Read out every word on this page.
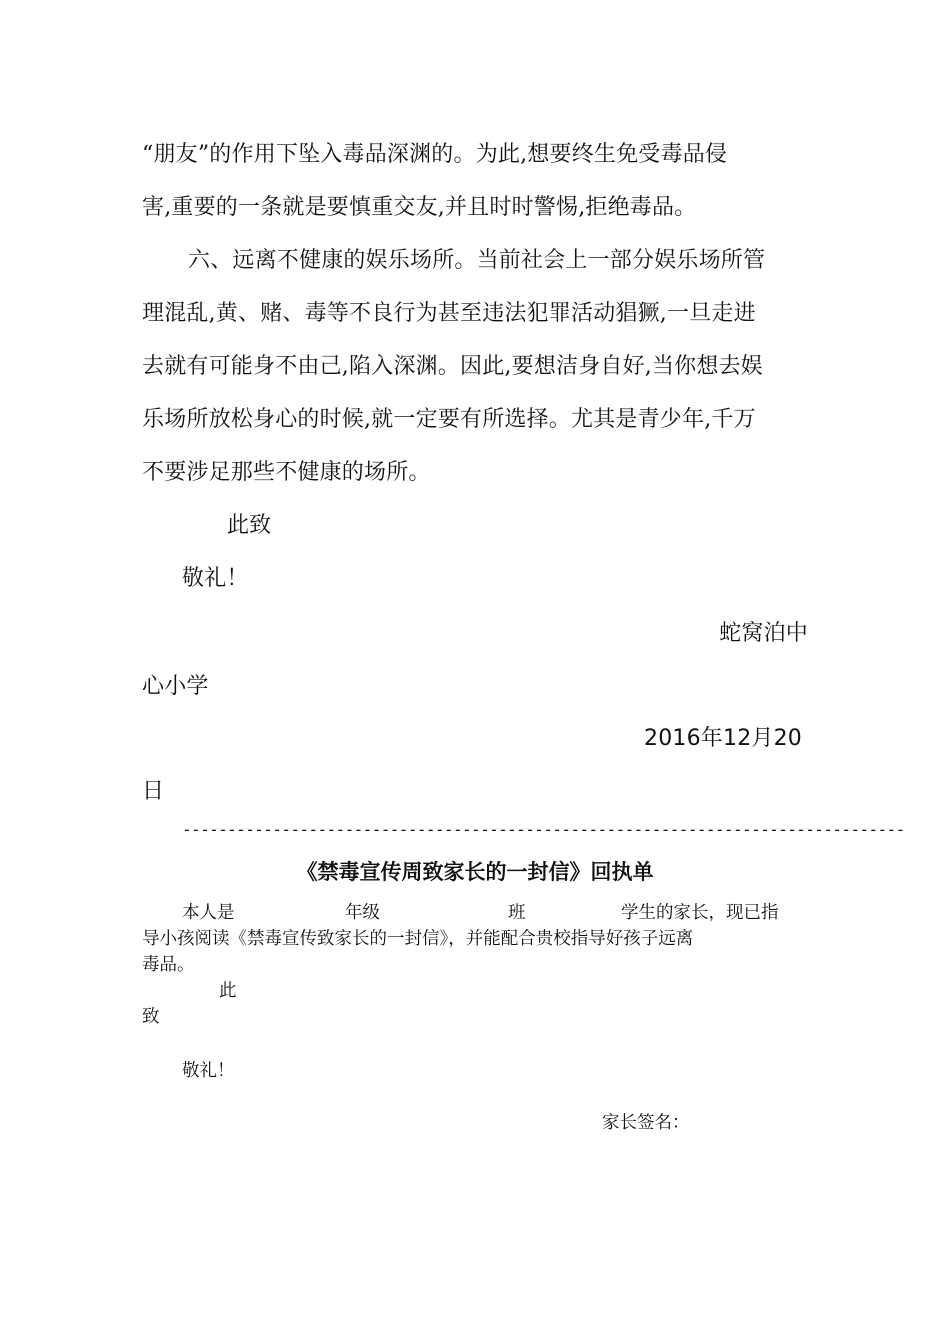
“朋友”的作用下坠入毒品深渊的。为此,想要终生免受毒品侵
害,重要的一条就是要慎重交友,并且时时警惕,拒绝毒品。
六、远离不健康的娱乐场所。当前社会上一部分娱乐场所管
理混乱,黄、赌、毒等不良行为甚至违法犯罪活动猖獗,一旦走进
去就有可能身不由己,陷入深渊。因此,要想洁身自好,当你想去娱
乐场所放松身心的时候,就一定要有所选择。尤其是青少年,千万
不要涉足那些不健康的场所。
此致
敬礼！
蛇窝泊中
心小学
2016年12月20
日
--------------------------------------------------------------------------------
《禁毒宣传周致家长的一封信》回执单
本人是	年级	班	学生的家长，现已指
导小孩阅读《禁毒宣传致家长的一封信》，并能配合贵校指导好孩子远离
毒品。
此
致
敬礼！
家长签名：
